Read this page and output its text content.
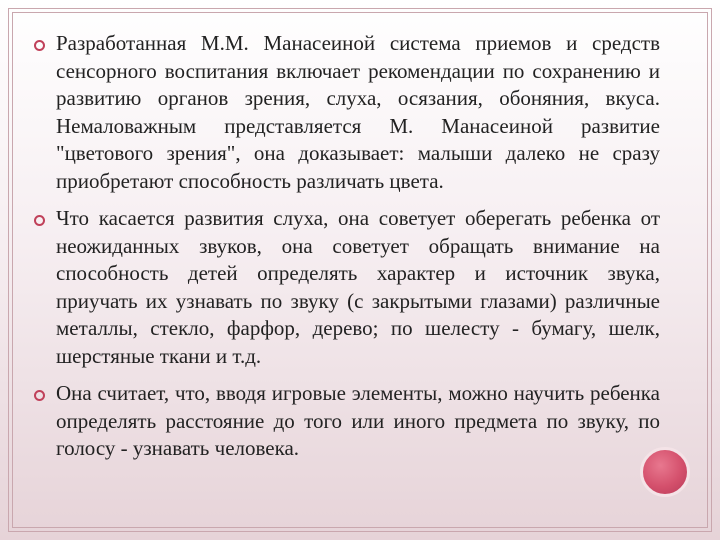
Разработанная М.М. Манасеиной система приемов и средств сенсорного воспитания включает рекомендации по сохранению и развитию органов зрения, слуха, осязания, обоняния, вкуса. Немаловажным представляется М. Манасеиной развитие "цветового зрения", она доказывает: малыши далеко не сразу приобретают способность различать цвета.
Что касается развития слуха, она советует оберегать ребенка от неожиданных звуков, она советует обращать внимание на способность детей определять характер и источник звука, приучать их узнавать по звуку (с закрытыми глазами) различные металлы, стекло, фарфор, дерево; по шелесту - бумагу, шелк, шерстяные ткани и т.д.
Она считает, что, вводя игровые элементы, можно научить ребенка определять расстояние до того или иного предмета по звуку, по голосу - узнавать человека.
